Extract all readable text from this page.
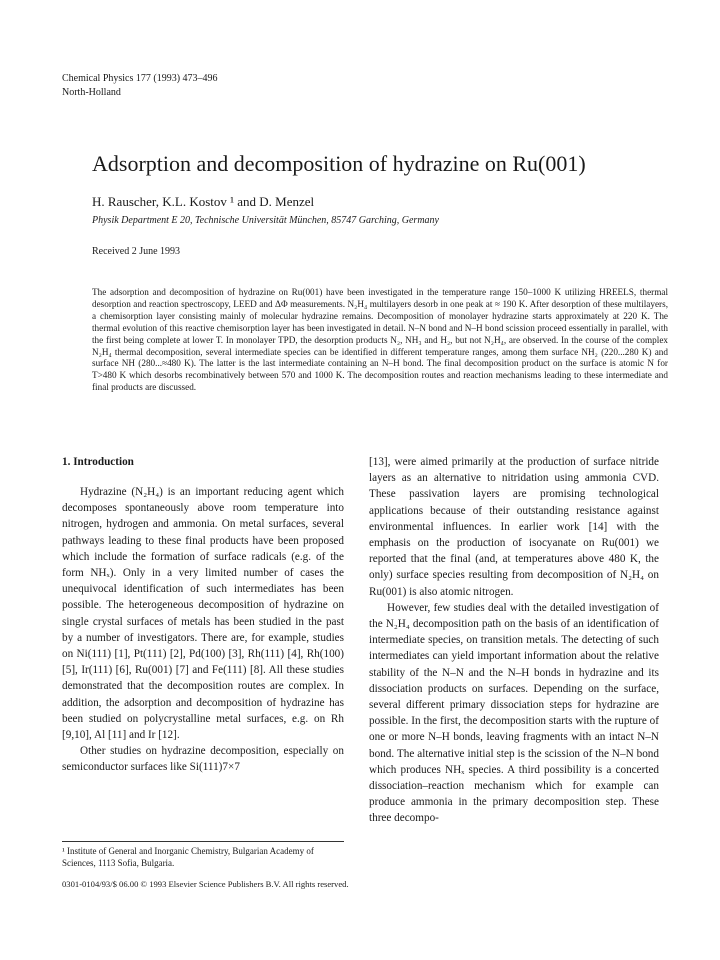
Chemical Physics 177 (1993) 473–496
North-Holland
Adsorption and decomposition of hydrazine on Ru(001)
H. Rauscher, K.L. Kostov ¹ and D. Menzel
Physik Department E 20, Technische Universität München, 85747 Garching, Germany
Received 2 June 1993

The adsorption and decomposition of hydrazine on Ru(001) have been investigated in the temperature range 150–1000 K utilizing HREELS, thermal desorption and reaction spectroscopy, LEED and ΔΦ measurements. N₂H₄ multilayers desorb in one peak at ≈ 190 K. After desorption of these multilayers, a chemisorption layer consisting mainly of molecular hydrazine remains. Decomposition of monolayer hydrazine starts approximately at 220 K. The thermal evolution of this reactive chemisorption layer has been investigated in detail. N–N bond and N–H bond scission proceed essentially in parallel, with the first being complete at lower T. In monolayer TPD, the desorption products N₂, NH₃ and H₂, but not N₂H₄, are observed. In the course of the complex N₂H₄ thermal decomposition, several intermediate species can be identified in different temperature ranges, among them surface NH₂ (220...280 K) and surface NH (280...≈480 K). The latter is the last intermediate containing an N–H bond. The final decomposition product on the surface is atomic N for T>480 K which desorbs recombinatively between 570 and 1000 K. The decomposition routes and reaction mechanisms leading to these intermediate and final products are discussed.

1. Introduction

Hydrazine (N₂H₄) is an important reducing agent which decomposes spontaneously above room temperature into nitrogen, hydrogen and ammonia. On metal surfaces, several pathways leading to these final products have been proposed which include the formation of surface radicals (e.g. of the form NHₓ). Only in a very limited number of cases the unequivocal identification of such intermediates has been possible. The heterogeneous decomposition of hydrazine on single crystal surfaces of metals has been studied in the past by a number of investigators. There are, for example, studies on Ni(111) [1], Pt(111) [2], Pd(100) [3], Rh(111) [4], Rh(100) [5], Ir(111) [6], Ru(001) [7] and Fe(111) [8]. All these studies demonstrated that the decomposition routes are complex. In addition, the adsorption and decomposition of hydrazine has been studied on polycrystalline metal surfaces, e.g. on Rh [9,10], Al [11] and Ir [12].

Other studies on hydrazine decomposition, especially on semiconductor surfaces like Si(111)7×7

[13], were aimed primarily at the production of surface nitride layers as an alternative to nitridation using ammonia CVD. These passivation layers are promising technological applications because of their outstanding resistance against environmental influences. In earlier work [14] with the emphasis on the production of isocyanate on Ru(001) we reported that the final (and, at temperatures above 480 K, the only) surface species resulting from decomposition of N₂H₄ on Ru(001) is also atomic nitrogen.

However, few studies deal with the detailed investigation of the N₂H₄ decomposition path on the basis of an identification of intermediate species, on transition metals. The detecting of such intermediates can yield important information about the relative stability of the N–N and the N–H bonds in hydrazine and its dissociation products on surfaces. Depending on the surface, several different primary dissociation steps for hydrazine are possible. In the first, the decomposition starts with the rupture of one or more N–H bonds, leaving fragments with an intact N–N bond. The alternative initial step is the scission of the N–N bond which produces NHₓ species. A third possibility is a concerted dissociation–reaction mechanism which for example can produce ammonia in the primary decomposition step. These three decompo-

¹ Institute of General and Inorganic Chemistry, Bulgarian Academy of Sciences, 1113 Sofia, Bulgaria.
0301-0104/93/$ 06.00 © 1993 Elsevier Science Publishers B.V. All rights reserved.
